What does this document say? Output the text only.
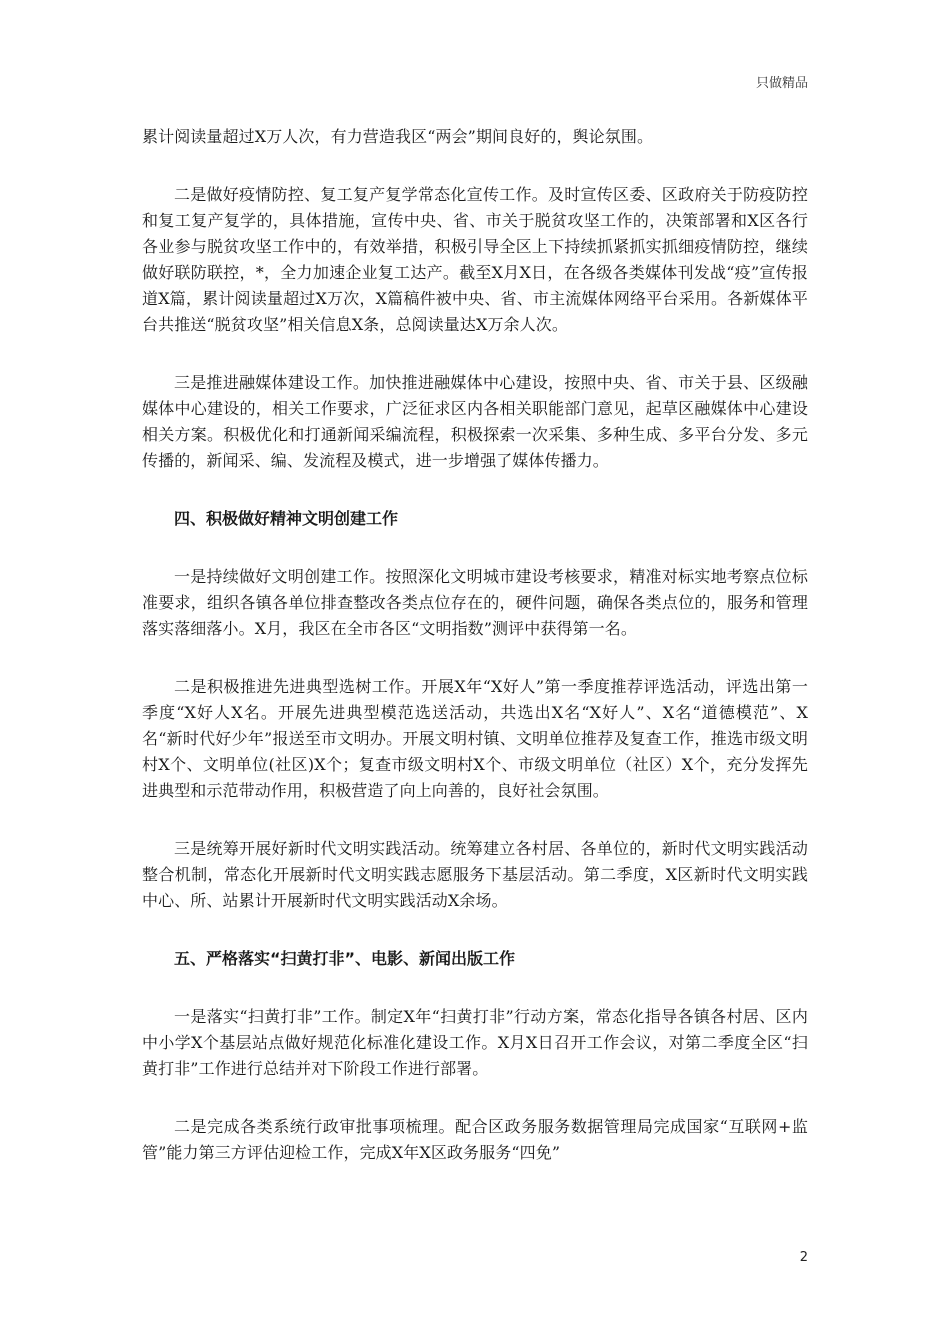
只做精品

累计阅读量超过X万人次，有力营造我区“两会”期间良好的，舆论氛围。

二是做好疫情防控、复工复产复学常态化宣传工作。及时宣传区委、区政府关于防疫防控和复工复产复学的，具体措施，宣传中央、省、市关于脱贫攻坚工作的，决策部署和X区各行各业参与脱贫攻坚工作中的，有效举措，积极引导全区上下持续抓紧抓实抓细疫情防控，继续做好联防联控，*，全力加速企业复工达产。截至X月X日，在各级各类媒体刊发战“疫”宣传报道X篇，累计阅读量超过X万次，X篇稿件被中央、省、市主流媒体网络平台采用。各新媒体平台共推送“脱贫攻坚”相关信息X条，总阅读量达X万余人次。

三是推进融媒体建设工作。加快推进融媒体中心建设，按照中央、省、市关于县、区级融媒体中心建设的，相关工作要求，广泛征求区内各相关职能部门意见，起草区融媒体中心建设相关方案。积极优化和打通新闻采编流程，积极探索一次采集、多种生成、多平台分发、多元传播的，新闻采、编、发流程及模式，进一步增强了媒体传播力。

四、积极做好精神文明创建工作

一是持续做好文明创建工作。按照深化文明城市建设考核要求，精准对标实地考察点位标准要求，组织各镇各单位排查整改各类点位存在的，硬件问题，确保各类点位的，服务和管理落实落细落小。X月，我区在全市各区“文明指数”测评中获得第一名。

二是积极推进先进典型选树工作。开展X年“X好人”第一季度推荐评选活动，评选出第一季度“X好人X名。开展先进典型模范选送活动，共选出X名“X好人”、X名“道德模范”、X名“新时代好少年”报送至市文明办。开展文明村镇、文明单位推荐及复查工作，推选市级文明村X个、文明单位(社区)X个；复查市级文明村X个、市级文明单位（社区）X个，充分发挥先进典型和示范带动作用，积极营造了向上向善的，良好社会氛围。

三是统筹开展好新时代文明实践活动。统筹建立各村居、各单位的，新时代文明实践活动整合机制，常态化开展新时代文明实践志愿服务下基层活动。第二季度，X区新时代文明实践中心、所、站累计开展新时代文明实践活动X余场。

五、严格落实“扫黄打非”、电影、新闻出版工作

一是落实“扫黄打非”工作。制定X年“扫黄打非”行动方案，常态化指导各镇各村居、区内中小学X个基层站点做好规范化标准化建设工作。X月X日召开工作会议，对第二季度全区“扫黄打非”工作进行总结并对下阶段工作进行部署。

二是完成各类系统行政审批事项梳理。配合区政务服务数据管理局完成国家“互联网+监管”能力第三方评估迎检工作，完成X年X区政务服务“四免”

2
